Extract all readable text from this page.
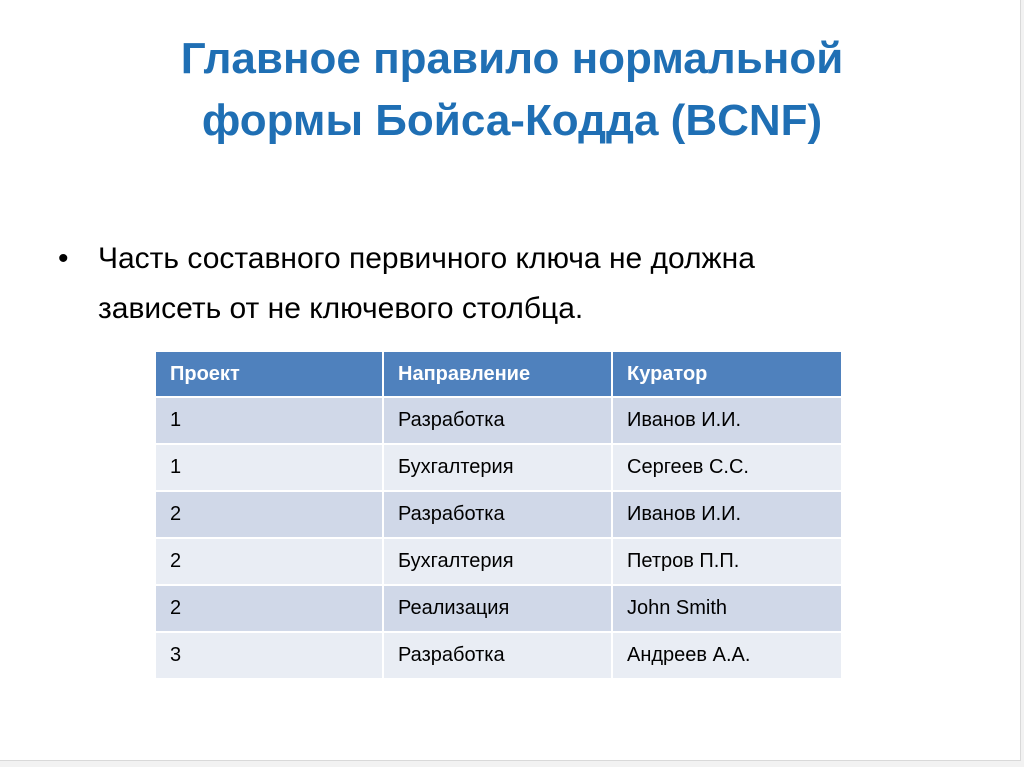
Главное правило нормальной
формы Бойса-Кодда (BCNF)
• Часть составного первичного ключа не должна
зависеть от не ключевого столбца.
Проект	Направление	Куратор
1	Разработка	Иванов И.И.
1	Бухгалтерия	Сергеев С.С.
2	Разработка	Иванов И.И.
2	Бухгалтерия	Петров П.П.
2	Реализация	John Smith
3	Разработка	Андреев А.А.
